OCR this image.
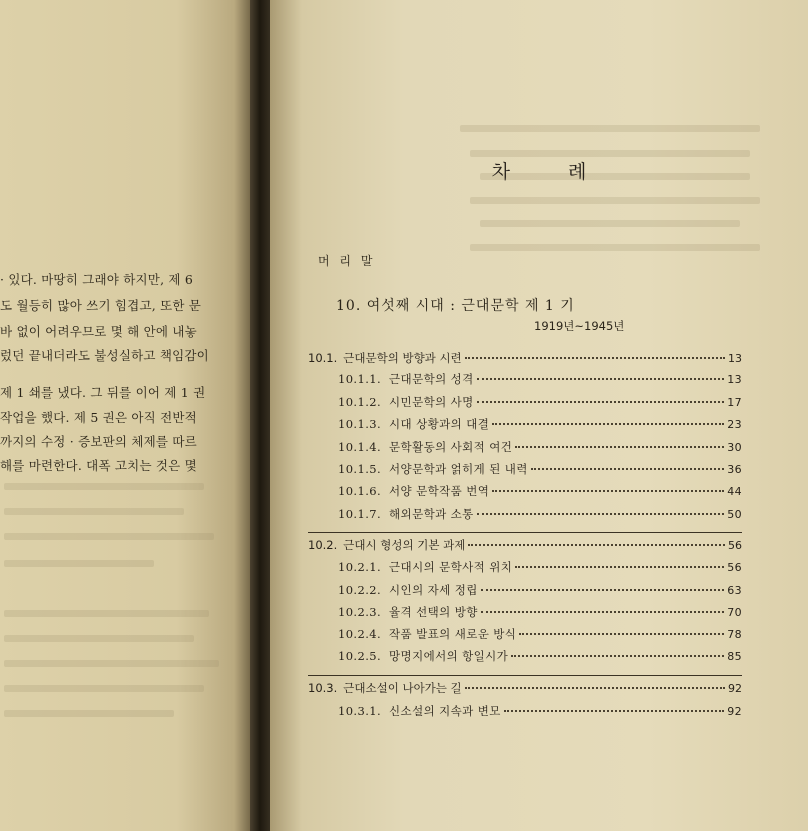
· 있다. 마땅히 그래야 하지만, 제 6
도 월등히 많아 쓰기 힘겹고, 또한 문
바 없이 어려우므로 몇 해 안에 내놓
렀던 끝내더라도 불성실하고 책임감이
제 1 쇄를 냈다. 그 뒤를 이어 제 1 권
작업을 했다. 제 5 권은 아직 전반적
까지의 수정 · 증보판의 체제를 따르
해를 마련한다. 대폭 고치는 것은 몇
차 례
머 리 말
10. 여섯째 시대 : 근대문학 제 1 기
1919년~1945년
10.1. 근대문학의 방향과 시련	13
10.1.1. 근대문학의 성격	13
10.1.2. 시민문학의 사명	17
10.1.3. 시대 상황과의 대결	23
10.1.4. 문학활동의 사회적 여건	30
10.1.5. 서양문학과 얽히게 된 내력	36
10.1.6. 서양 문학작품 번역	44
10.1.7. 해외문학과 소통	50
10.2. 근대시 형성의 기본 과제	56
10.2.1. 근대시의 문학사적 위치	56
10.2.2. 시인의 자세 정립	63
10.2.3. 율격 선택의 방향	70
10.2.4. 작품 발표의 새로운 방식	78
10.2.5. 망명지에서의 항일시가	85
10.3. 근대소설이 나아가는 길	92
10.3.1. 신소설의 지속과 변모	92
